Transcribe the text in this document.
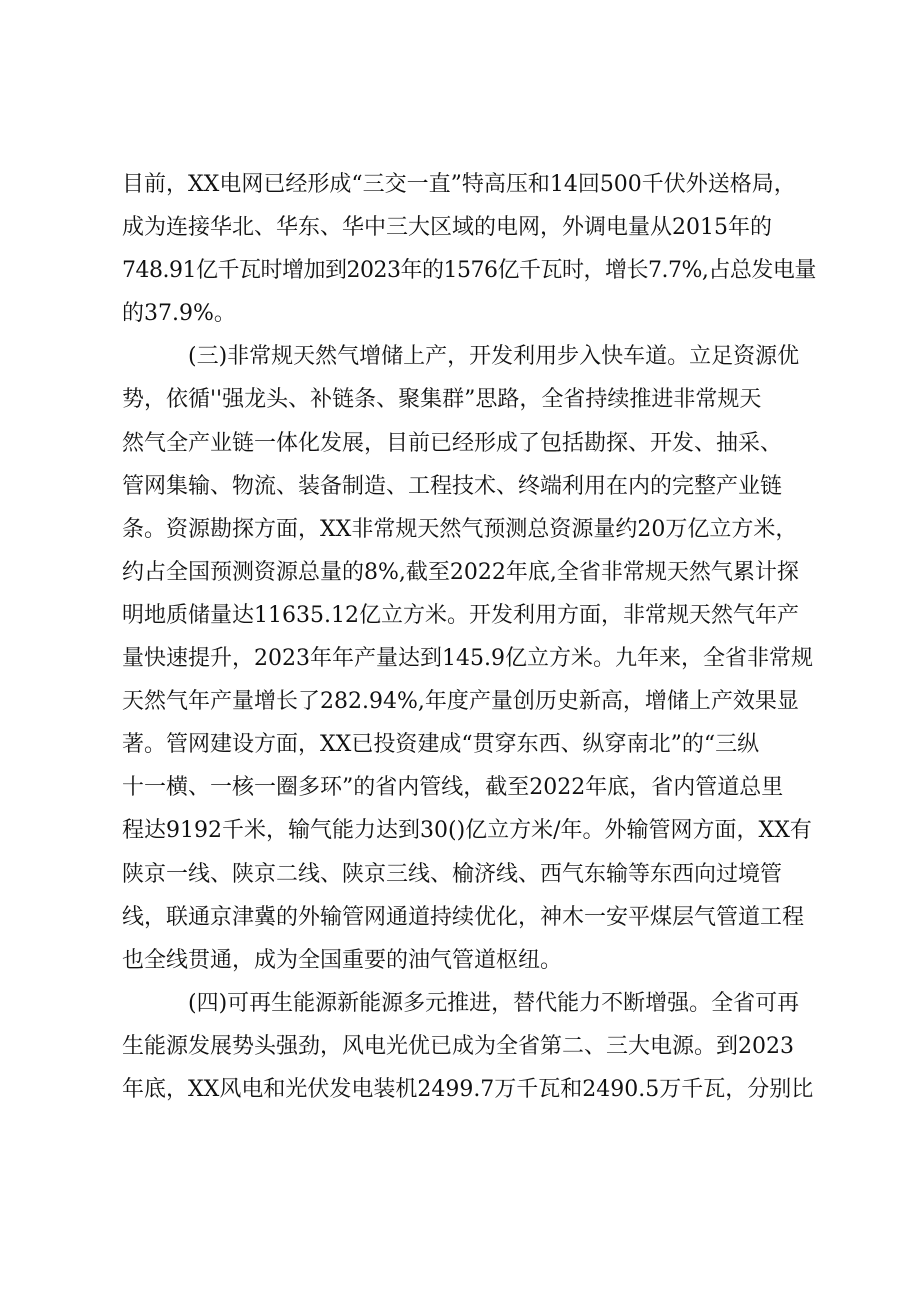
目前，XX电网已经形成“三交一直”特高压和14回500千伏外送格局，
成为连接华北、华东、华中三大区域的电网，外调电量从2015年的
748.91亿千瓦时增加到2023年的1576亿千瓦时，增长7.7%,占总发电量
的37.9%。
(三)非常规天然气增储上产，开发利用步入快车道。立足资源优
势，依循''强龙头、补链条、聚集群”思路，全省持续推进非常规天
然气全产业链一体化发展，目前已经形成了包括勘探、开发、抽采、
管网集输、物流、装备制造、工程技术、终端利用在内的完整产业链
条。资源勘探方面，XX非常规天然气预测总资源量约20万亿立方米，
约占全国预测资源总量的8%,截至2022年底,全省非常规天然气累计探
明地质储量达11635.12亿立方米。开发利用方面，非常规天然气年产
量快速提升，2023年年产量达到145.9亿立方米。九年来，全省非常规
天然气年产量增长了282.94%,年度产量创历史新高，增储上产效果显
著。管网建设方面，XX已投资建成“贯穿东西、纵穿南北”的“三纵
十一横、一核一圈多环”的省内管线，截至2022年底，省内管道总里
程达9192千米，输气能力达到30()亿立方米/年。外输管网方面，XX有
陕京一线、陕京二线、陕京三线、榆济线、西气东输等东西向过境管
线，联通京津冀的外输管网通道持续优化，神木一安平煤层气管道工程
也全线贯通，成为全国重要的油气管道枢纽。
(四)可再生能源新能源多元推进，替代能力不断增强。全省可再
生能源发展势头强劲，风电光优已成为全省第二、三大电源。到2023
年底，XX风电和光伏发电装机2499.7万千瓦和2490.5万千瓦，分别比
